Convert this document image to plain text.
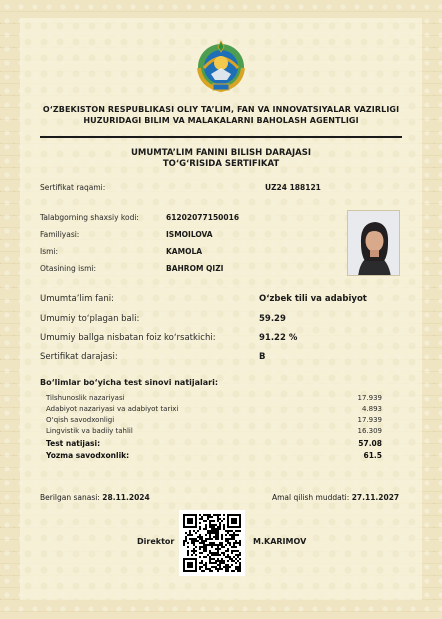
O‘ZBEKISTON RESPUBLIKASI OLIY TA’LIM, FAN VA INNOVATSIYALAR VAZIRLIGI
HUZURIDAGI BILIM VA MALAKALARNI BAHOLASH AGENTLIGI
UMUMTA’LIM FANINI BILISH DARAJASI
TO‘G‘RISIDA SERTIFIKAT
Sertifikat raqami:	UZ24 188121
Talabgorning shaxsiy kodi:	61202077150016
Familiyasi:	ISMOILOVA
Ismi:	KAMOLA
Otasining ismi:	BAHROM QIZI
Umumta’lim fani:	O‘zbek tili va adabiyot
Umumiy to‘plagan bali:	59.29
Umumiy ballga nisbatan foiz ko‘rsatkichi:	91.22 %
Sertifikat darajasi:	B
Bo‘limlar bo‘yicha test sinovi natijalari:
Tilshunoslik nazariyasi	17.939
Adabiyot nazariyasi va adabiyot tarixi	4.893
O‘qish savodxonligi	17.939
Lingvistik va badiiy tahlil	16.309
Test natijasi:	57.08
Yozma savodxonlik:	61.5
Berilgan sanasi: 28.11.2024	Amal qilish muddati: 27.11.2027
Direktor	M.KARIMOV
